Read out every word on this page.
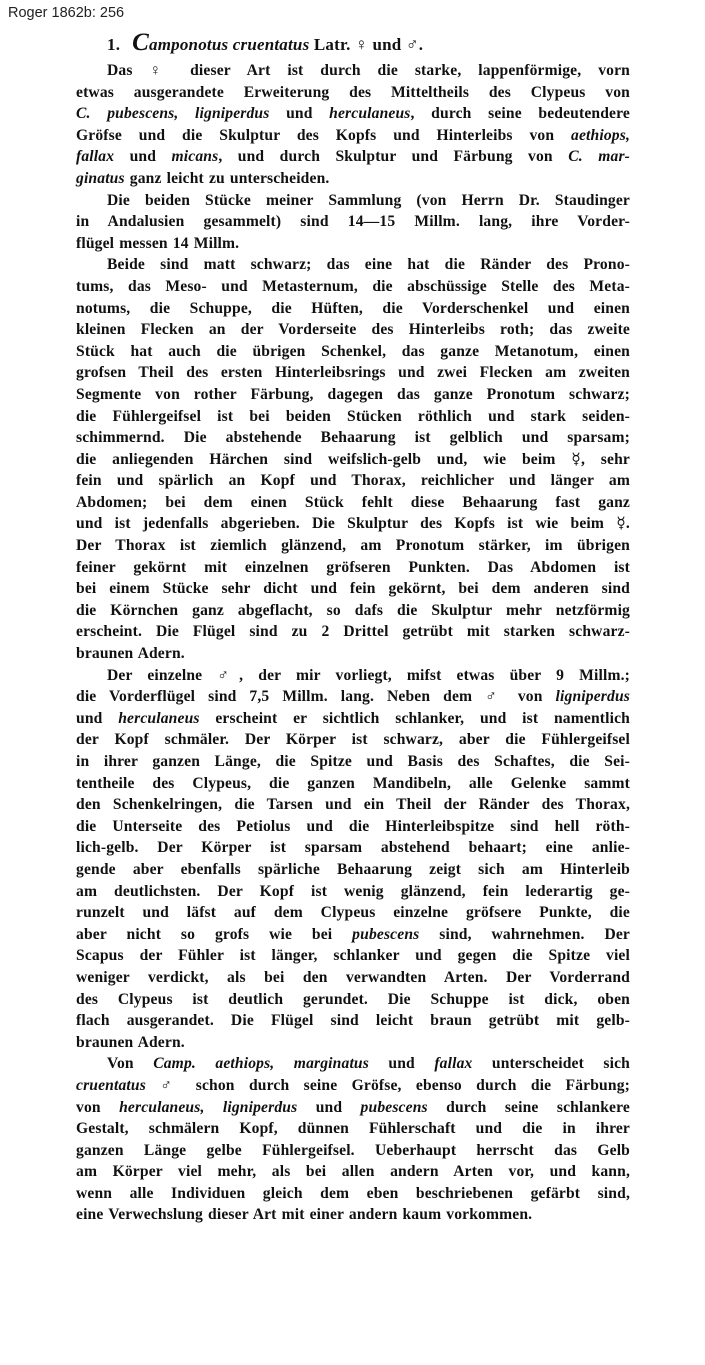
Roger 1862b: 256

1. Camponotus cruentatus Latr. ♀ und ♂.

Das ♀ dieser Art ist durch die starke, lappenförmige, vorn
etwas ausgerandete Erweiterung des Mitteltheils des Clypeus von
C. pubescens, ligniperdus und herculaneus, durch seine bedeutendere
Gröfse und die Skulptur des Kopfs und Hinterleibs von aethiops,
fallax und micans, und durch Skulptur und Färbung von C. mar-
ginatus ganz leicht zu unterscheiden.

Die beiden Stücke meiner Sammlung (von Herrn Dr. Staudinger
in Andalusien gesammelt) sind 14—15 Millm. lang, ihre Vorder-
flügel messen 14 Millm.

Beide sind matt schwarz; das eine hat die Ränder des Prono-
tums, das Meso- und Metasternum, die abschüssige Stelle des Meta-
notums, die Schuppe, die Hüften, die Vorderschenkel und einen
kleinen Flecken an der Vorderseite des Hinterleibs roth; das zweite
Stück hat auch die übrigen Schenkel, das ganze Metanotum, einen
grofsen Theil des ersten Hinterleibsrings und zwei Flecken am zweiten
Segmente von rother Färbung, dagegen das ganze Pronotum schwarz;
die Fühlergeifsel ist bei beiden Stücken röthlich und stark seiden-
schimmernd. Die abstehende Behaarung ist gelblich und sparsam;
die anliegenden Härchen sind weifslich-gelb und, wie beim ☿, sehr
fein und spärlich an Kopf und Thorax, reichlicher und länger am
Abdomen; bei dem einen Stück fehlt diese Behaarung fast ganz
und ist jedenfalls abgerieben. Die Skulptur des Kopfs ist wie beim ☿.
Der Thorax ist ziemlich glänzend, am Pronotum stärker, im übrigen
feiner gekörnt mit einzelnen gröfseren Punkten. Das Abdomen ist
bei einem Stücke sehr dicht und fein gekörnt, bei dem anderen sind
die Körnchen ganz abgeflacht, so dafs die Skulptur mehr netzförmig
erscheint. Die Flügel sind zu 2 Drittel getrübt mit starken schwarz-
braunen Adern.

Der einzelne ♂, der mir vorliegt, mifst etwas über 9 Millm.;
die Vorderflügel sind 7,5 Millm. lang. Neben dem ♂ von ligniperdus
und herculaneus erscheint er sichtlich schlanker, und ist namentlich
der Kopf schmäler. Der Körper ist schwarz, aber die Fühlergeifsel
in ihrer ganzen Länge, die Spitze und Basis des Schaftes, die Sei-
tentheile des Clypeus, die ganzen Mandibeln, alle Gelenke sammt
den Schenkelringen, die Tarsen und ein Theil der Ränder des Thorax,
die Unterseite des Petiolus und die Hinterleibspitze sind hell röth-
lich-gelb. Der Körper ist sparsam abstehend behaart; eine anlie-
gende aber ebenfalls spärliche Behaarung zeigt sich am Hinterleib
am deutlichsten. Der Kopf ist wenig glänzend, fein lederartig ge-
runzelt und läfst auf dem Clypeus einzelne gröfsere Punkte, die
aber nicht so grofs wie bei pubescens sind, wahrnehmen. Der
Scapus der Fühler ist länger, schlanker und gegen die Spitze viel
weniger verdickt, als bei den verwandten Arten. Der Vorderrand
des Clypeus ist deutlich gerundet. Die Schuppe ist dick, oben
flach ausgerandet. Die Flügel sind leicht braun getrübt mit gelb-
braunen Adern.

Von Camp. aethiops, marginatus und fallax unterscheidet sich
cruentatus ♂ schon durch seine Gröfse, ebenso durch die Färbung;
von herculaneus, ligniperdus und pubescens durch seine schlankere
Gestalt, schmälern Kopf, dünnen Fühlerschaft und die in ihrer
ganzen Länge gelbe Fühlergeifsel. Ueberhaupt herrscht das Gelb
am Körper viel mehr, als bei allen andern Arten vor, und kann,
wenn alle Individuen gleich dem eben beschriebenen gefärbt sind,
eine Verwechslung dieser Art mit einer andern kaum vorkommen.
